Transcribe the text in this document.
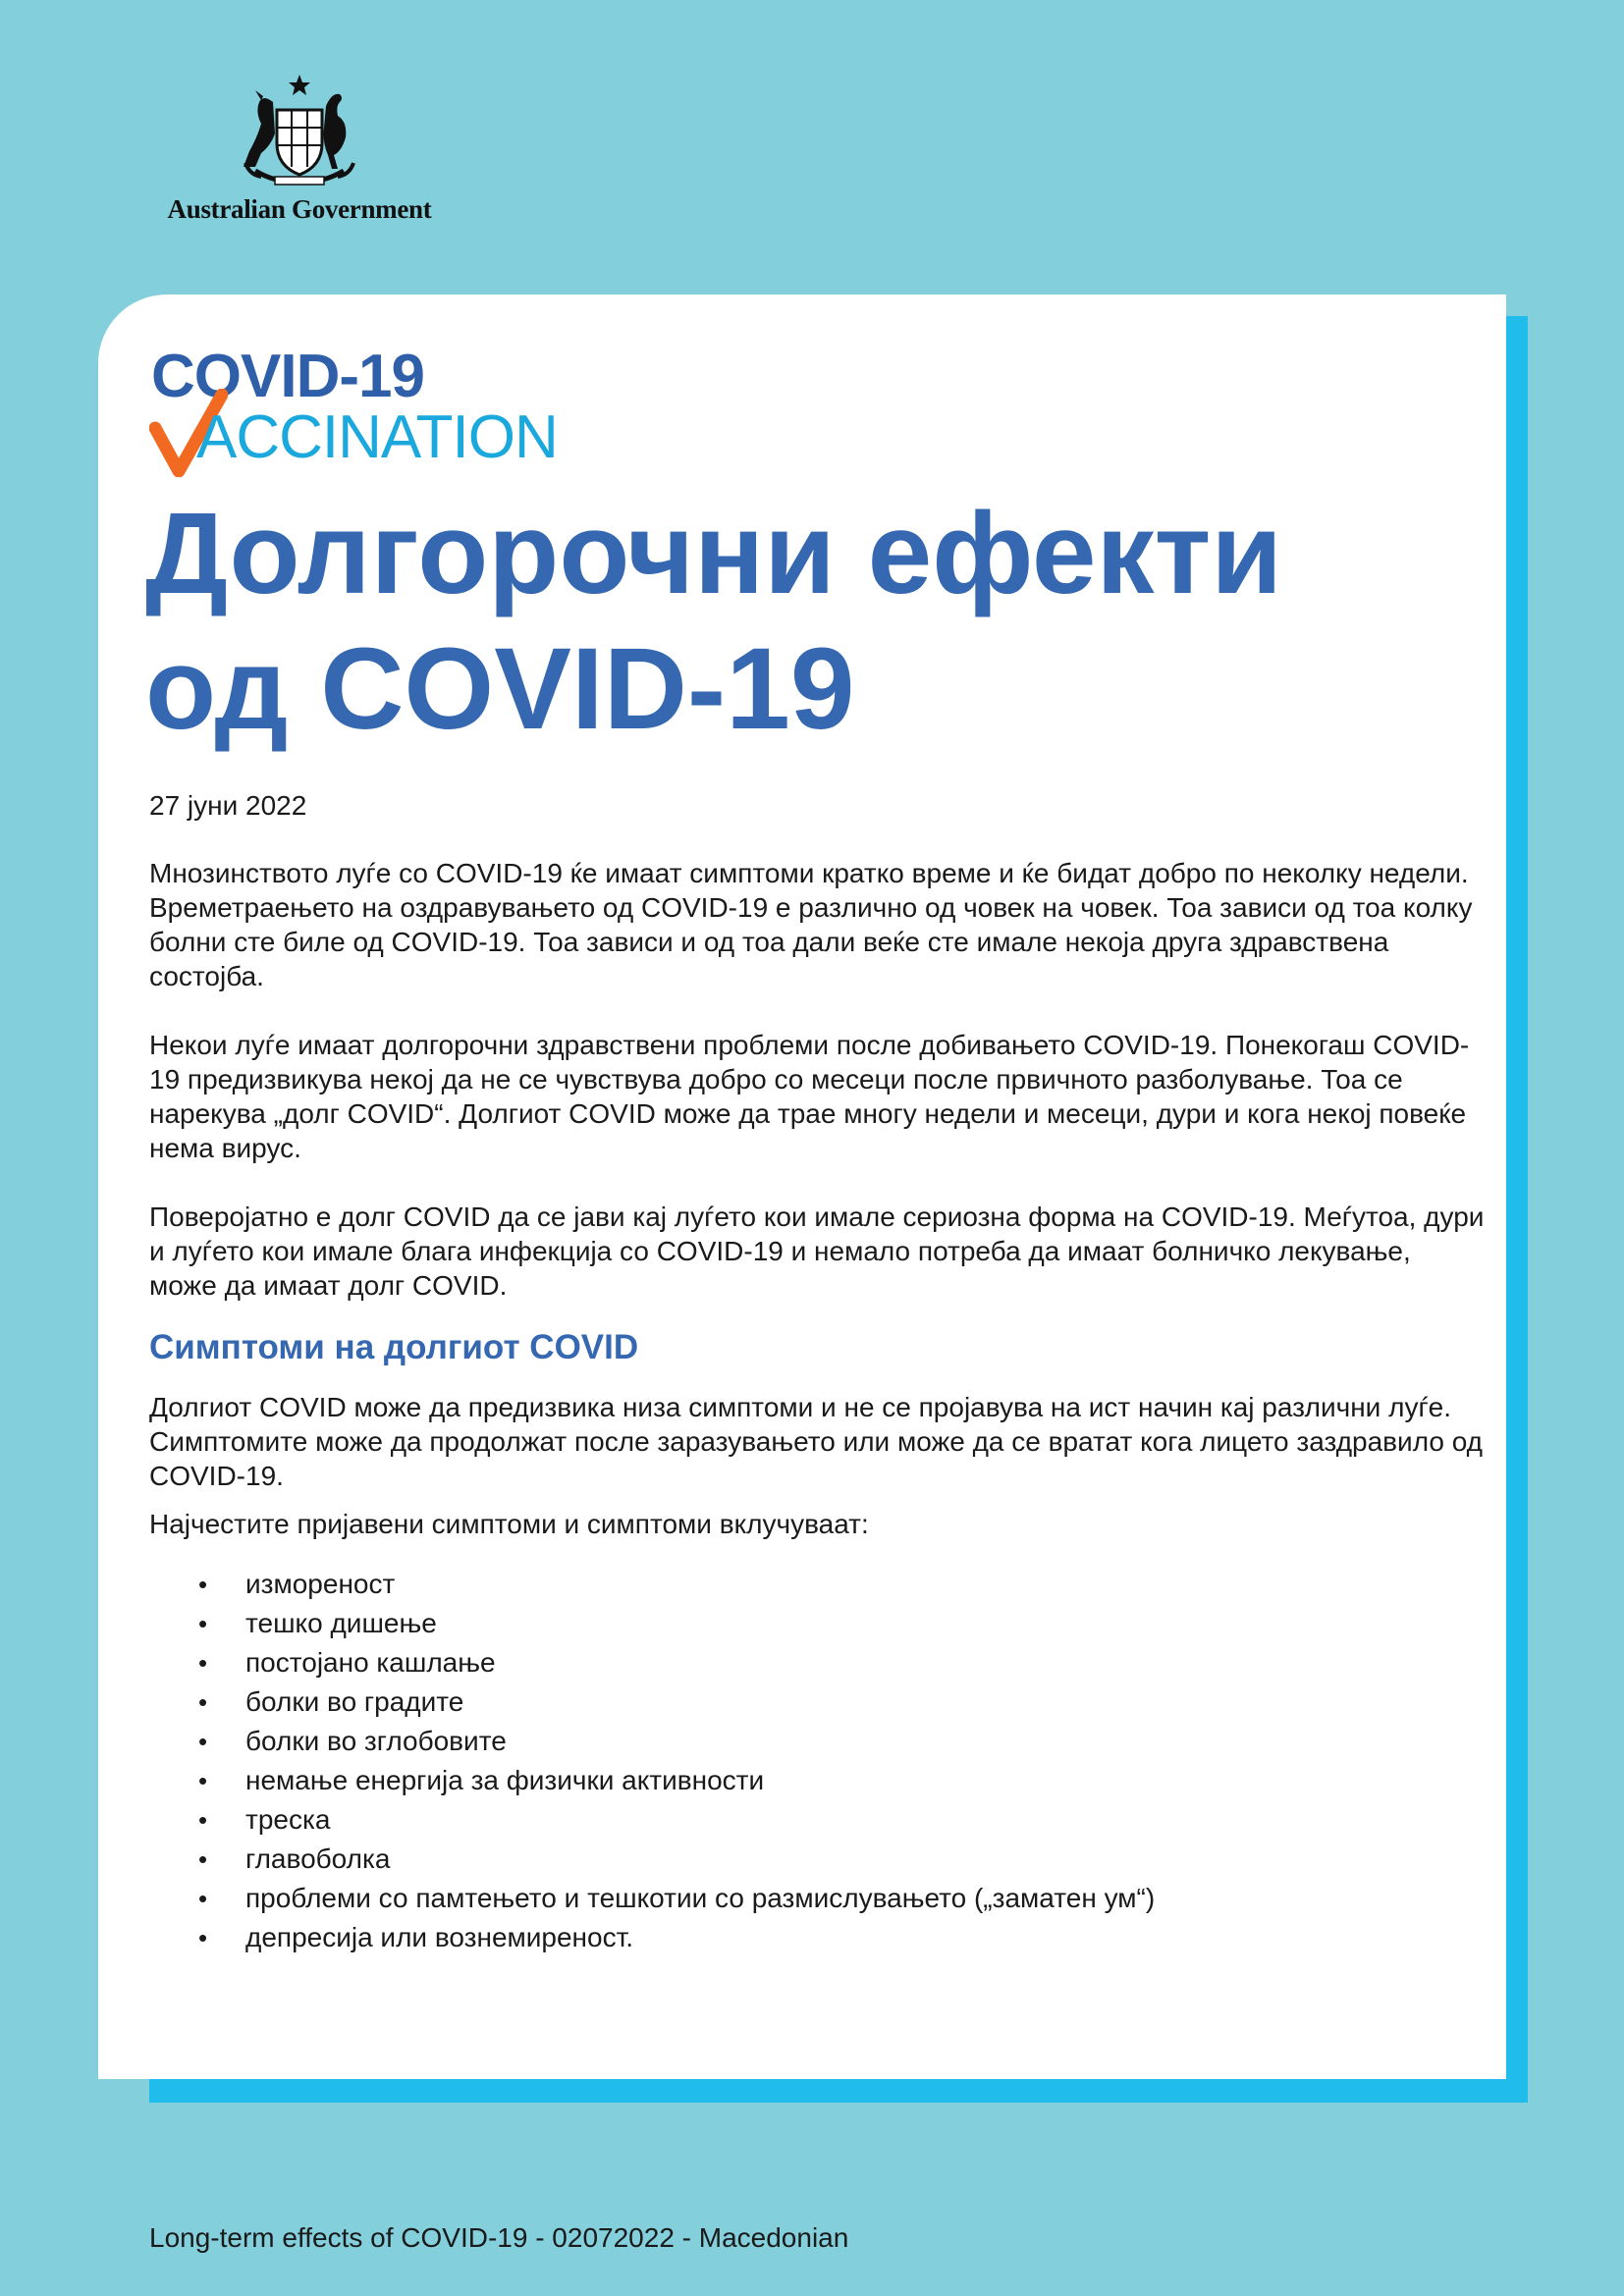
Australian Government
COVID-19
ACCINATION
Долгорочни ефекти
од COVID-19

27 јуни 2022

Мнозинството луѓе со COVID-19 ќе имаат симптоми кратко време и ќе бидат добро по неколку недели. Времетраењето на оздравувањето од COVID-19 е различно од човек на човек. Тоа зависи од тоа колку болни сте биле од COVID-19. Тоа зависи и од тоа дали веќе сте имале некоја друга здравствена состојба.

Некои луѓе имаат долгорочни здравствени проблеми после добивањето COVID-19. Понекогаш COVID-19 предизвикува некој да не се чувствува добро со месеци после првичното разболување. Тоа се нарекува „долг COVID“. Долгиот COVID може да трае многу недели и месеци, дури и кога некој повеќе нема вирус.

Поверојатно е долг COVID да се јави кај луѓето кои имале сериозна форма на COVID-19. Меѓутоа, дури и луѓето кои имале блага инфекција со COVID-19 и немало потреба да имаат болничко лекување, може да имаат долг COVID.

Симптоми на долгиот COVID

Долгиот COVID може да предизвика низа симптоми и не се пројавува на ист начин кај различни луѓе. Симптомите може да продолжат после заразувањето или може да се вратат кога лицето заздравило од COVID-19.

Најчестите пријавени симптоми и симптоми вклучуваат:

• измореност
• тешко дишење
• постојано кашлање
• болки во градите
• болки во зглобовите
• немање енергија за физички активности
• треска
• главоболка
• проблеми со памтењето и тешкотии со размислувањето („заматен ум“)
• депресија или вознемиреност.
Long-term effects of COVID-19 - 02072022 - Macedonian
